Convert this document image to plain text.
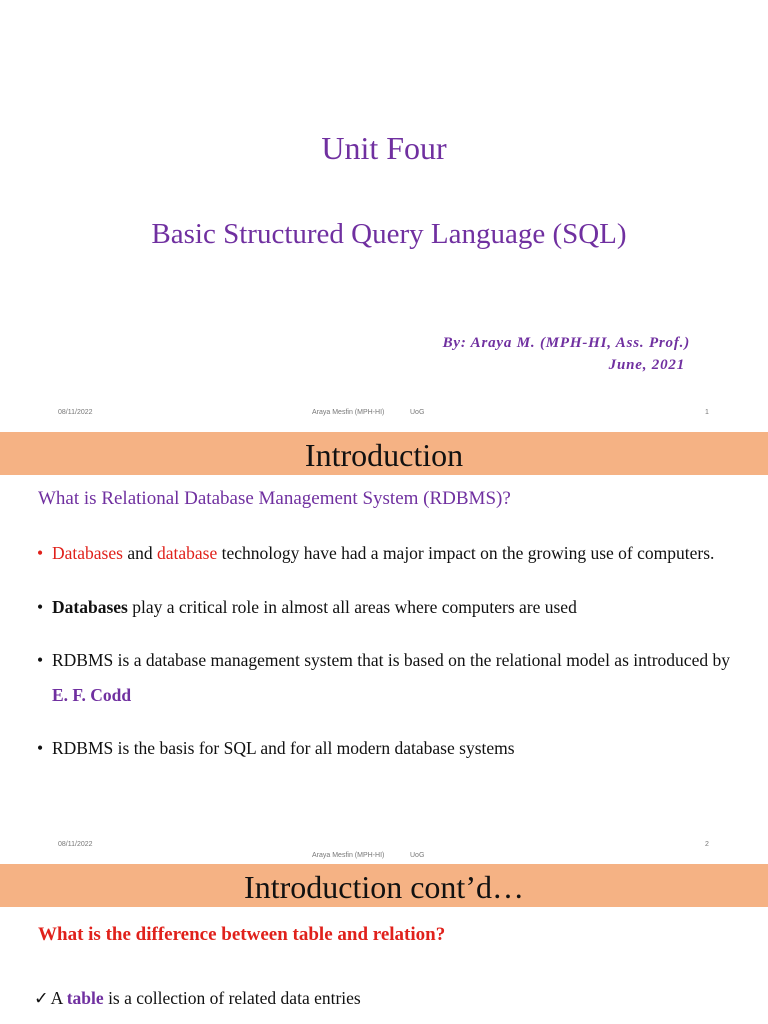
Unit Four
Basic Structured Query Language (SQL)
By: Araya M. (MPH-HI, Ass. Prof.)
June, 2021
08/11/2022	Araya Mesfin (MPH-HI)	UoG	1
Introduction
What is Relational Database Management System (RDBMS)?
• Databases and database technology have had a major impact on the growing use of computers.
• Databases play a critical role in almost all areas where computers are used
• RDBMS is a database management system that is based on the relational model as introduced by E. F. Codd
• RDBMS is the basis for SQL and for all modern database systems
08/11/2022
Araya Mesfin (MPH-HI)	UoG
2
Introduction cont’d…
What is the difference between table and relation?
✓ A table is a collection of related data entries
